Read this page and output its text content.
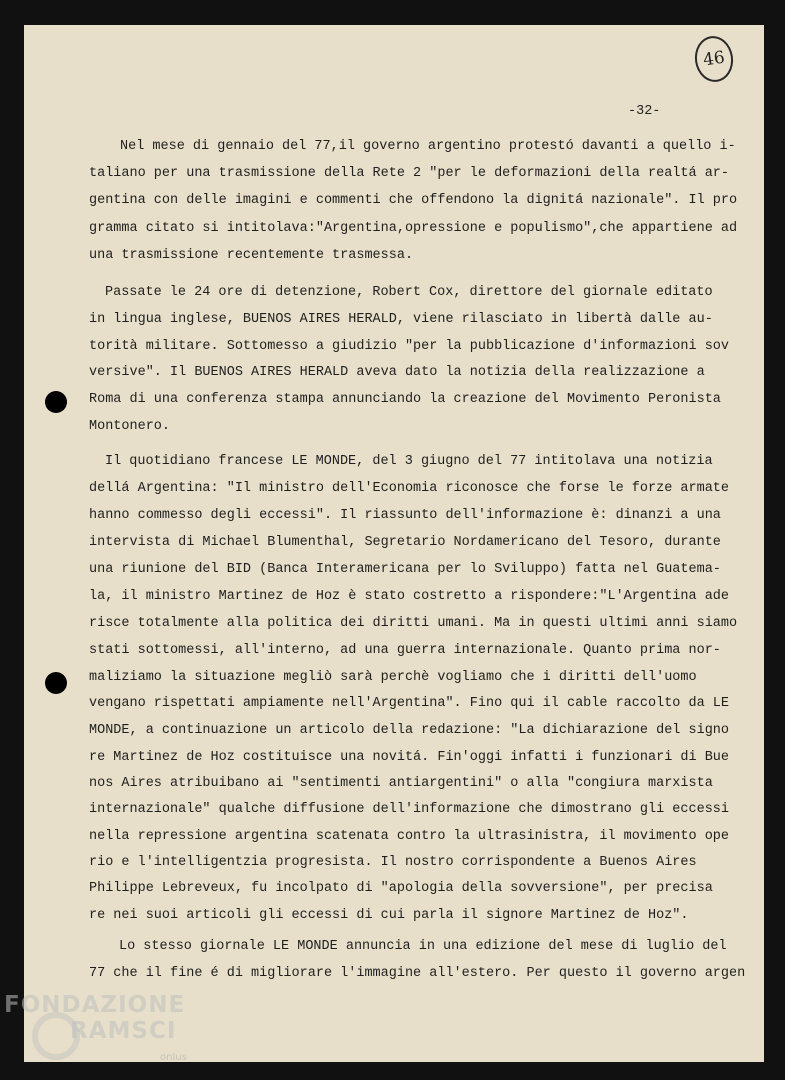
46
-32-
Nel mese di gennaio del 77,il governo argentino protestó davanti a quello i-
taliano per una trasmissione della Rete 2 "per le deformazioni della realtá ar-
gentina con delle imagini e commenti che offendono la dignitá nazionale". Il pro
gramma citato si intitolava:"Argentina,opressione e populismo",che appartiene ad
una trasmissione recentemente trasmessa.
Passate le 24 ore di detenzione, Robert Cox, direttore del giornale editato
in lingua inglese, BUENOS AIRES HERALD, viene rilasciato in libertà dalle au-
torità militare. Sottomesso a giudizio "per la pubblicazione d'informazioni sov
versive". Il BUENOS AIRES HERALD aveva dato la notizia della realizzazione a
Roma di una conferenza stampa annunciando la creazione del Movimento Peronista
Montonero.
Il quotidiano francese LE MONDE, del 3 giugno del 77 intitolava una notizia
dellá Argentina: "Il ministro dell'Economia riconosce che forse le forze armate
hanno commesso degli eccessi". Il riassunto dell'informazione è: dinanzi a una
intervista di Michael Blumenthal, Segretario Nordamericano del Tesoro, durante
una riunione del BID (Banca Interamericana per lo Sviluppo) fatta nel Guatema-
la, il ministro Martinez de Hoz è stato costretto a rispondere:"L'Argentina ade
risce totalmente alla politica dei diritti umani. Ma in questi ultimi anni siamo
stati sottomessi, all'interno, ad una guerra internazionale. Quanto prima nor-
maliziamo la situazione megliò sarà perchè vogliamo che i diritti dell'uomo
vengano rispettati ampiamente nell'Argentina". Fino qui il cable raccolto da LE
MONDE, a continuazione un articolo della redazione: "La dichiarazione del signo
re Martinez de Hoz costituisce una novitá. Fin'oggi infatti i funzionari di Bue
nos Aires atribuibano ai "sentimenti antiargentini" o alla "congiura marxista
internazionale" qualche diffusione dell'informazione che dimostrano gli eccessi
nella repressione argentina scatenata contro la ultrasinistra, il movimento ope
rio e l'intelligentzia progresista. Il nostro corrispondente a Buenos Aires
Philippe Lebreveux, fu incolpato di "apologia della sovversione", per precisa
re nei suoi articoli gli eccessi di cui parla il signore Martinez de Hoz".
Lo stesso giornale LE MONDE annuncia in una edizione del mese di luglio del
77 che il fine é di migliorare l'immagine all'estero. Per questo il governo argen
FONDAZIONE
RAMSCI
onlus
